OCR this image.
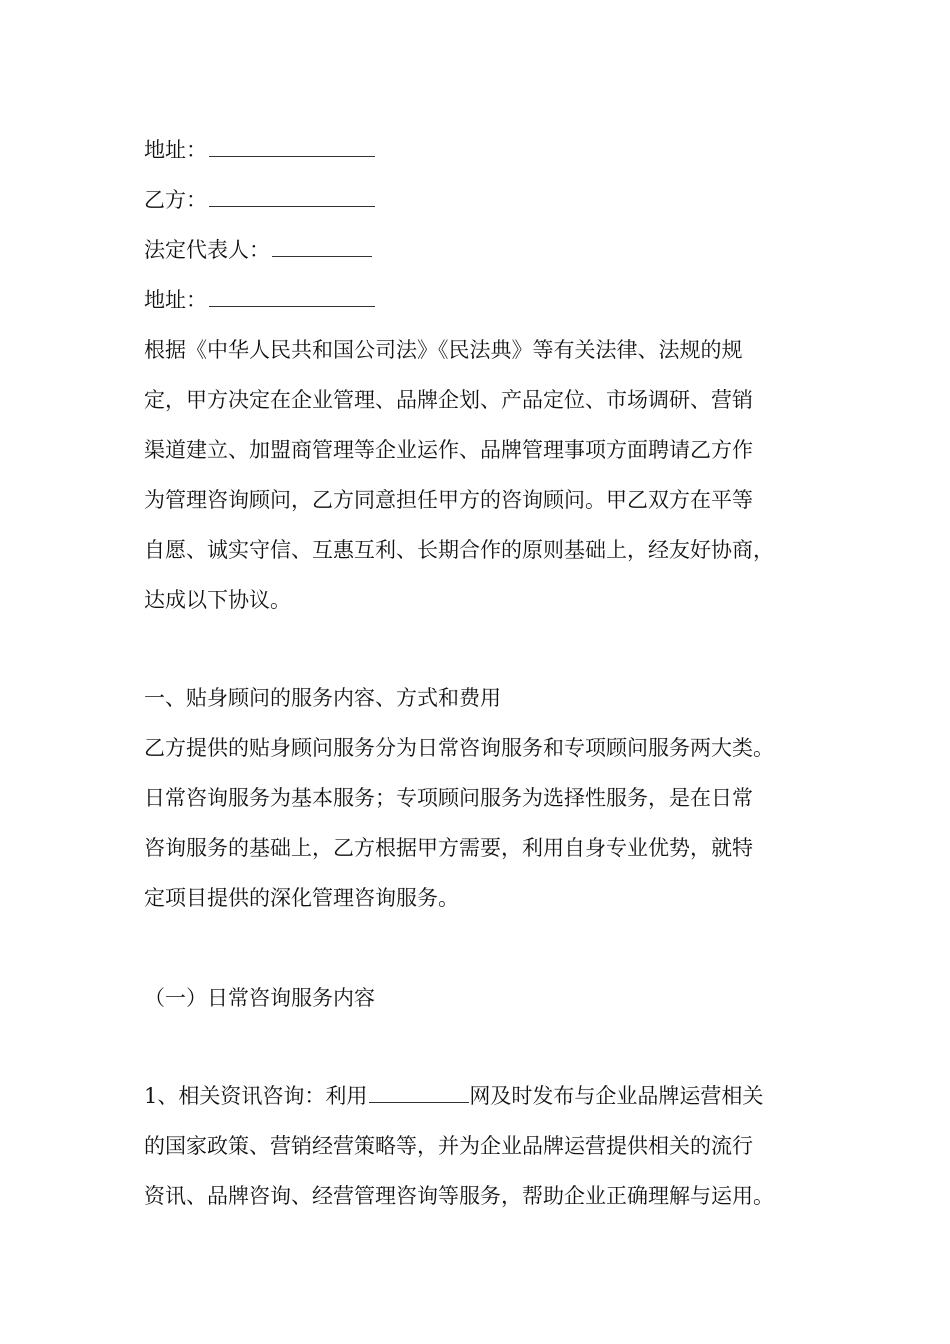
地址：
乙方：
法定代表人：
地址：
根据《中华人民共和国公司法》《民法典》等有关法律、法规的规
定，甲方决定在企业管理、品牌企划、产品定位、市场调研、营销
渠道建立、加盟商管理等企业运作、品牌管理事项方面聘请乙方作
为管理咨询顾问，乙方同意担任甲方的咨询顾问。甲乙双方在平等
自愿、诚实守信、互惠互利、长期合作的原则基础上，经友好协商，
达成以下协议。
一、贴身顾问的服务内容、方式和费用
乙方提供的贴身顾问服务分为日常咨询服务和专项顾问服务两大类。
日常咨询服务为基本服务；专项顾问服务为选择性服务，是在日常
咨询服务的基础上，乙方根据甲方需要，利用自身专业优势，就特
定项目提供的深化管理咨询服务。
（一）日常咨询服务内容
1、相关资讯咨询：利用	网及时发布与企业品牌运营相关
的国家政策、营销经营策略等，并为企业品牌运营提供相关的流行
资讯、品牌咨询、经营管理咨询等服务，帮助企业正确理解与运用。
